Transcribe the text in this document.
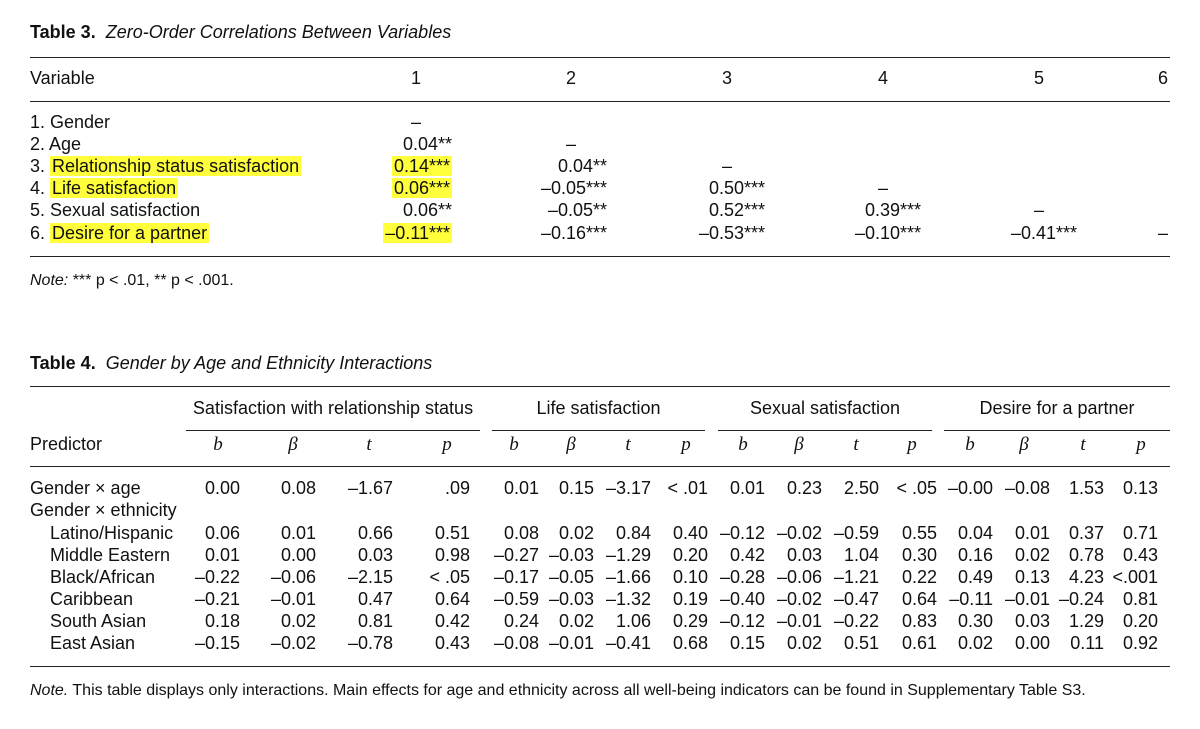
Table 3. Zero-Order Correlations Between Variables
Variable	1	2	3	4	5	6
1. Gender	–
2. Age	0.04**	–
3. Relationship status satisfaction	0.14***	0.04**	–
4. Life satisfaction	0.06***	–0.05***	0.50***	–
5. Sexual satisfaction	0.06**	–0.05**	0.52***	0.39***	–
6. Desire for a partner	–0.11***	–0.16***	–0.53***	–0.10***	–0.41***	–
Note: *** p < .01, ** p < .001.
Table 4. Gender by Age and Ethnicity Interactions
Satisfaction with relationship status	Life satisfaction	Sexual satisfaction	Desire for a partner
Predictor	b	β	t	p	b	β	t	p	b	β	t	p	b	β	t	p
Gender × age	0.00 0.08 –1.67	.09 0.01 0.15 –3.17 < .01 0.01 0.23 2.50 < .05 –0.00 –0.08 1.53 0.13
Gender × ethnicity
Latino/Hispanic 0.06 0.01 0.66 0.51 0.08 0.02 0.84 0.40 –0.12 –0.02 –0.59 0.55 0.04 0.01 0.37 0.71
Middle Eastern 0.01 0.00 0.03 0.98 –0.27 –0.03 –1.29 0.20 0.42 0.03 1.04 0.30 0.16 0.02 0.78 0.43
Black/African –0.22 –0.06 –2.15 < .05 –0.17 –0.05 –1.66 0.10 –0.28 –0.06 –1.21 0.22 0.49 0.13 4.23 <.001
Caribbean	–0.21 –0.01 0.47 0.64 –0.59 –0.03 –1.32 0.19 –0.40 –0.02 –0.47 0.64 –0.11 –0.01 –0.24 0.81
South Asian	0.18 0.02 0.81 0.42 0.24 0.02 1.06 0.29 –0.12 –0.01 –0.22 0.83 0.30 0.03 1.29 0.20
East Asian	–0.15 –0.02 –0.78 0.43 –0.08 –0.01 –0.41 0.68 0.15 0.02 0.51 0.61 0.02 0.00 0.11 0.92
Note. This table displays only interactions. Main effects for age and ethnicity across all well-being indicators can be found in Supplementary Table S3.
